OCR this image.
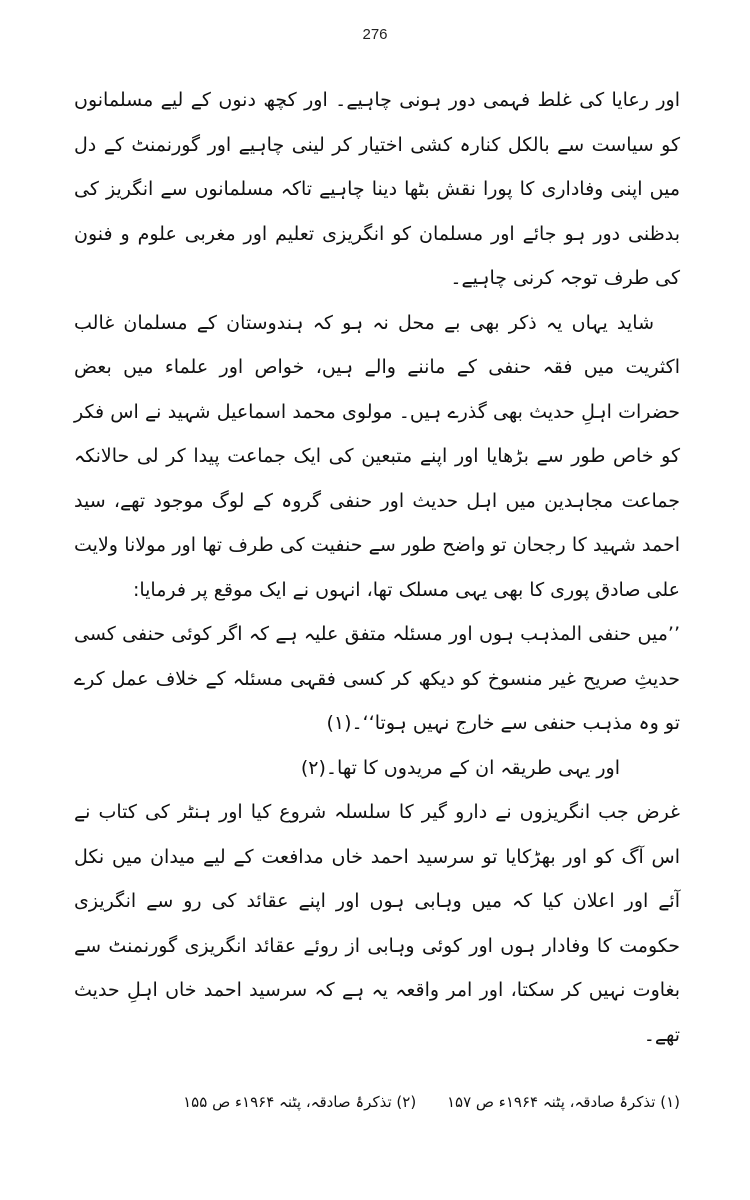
276

اور رعایا کی غلط فہمی دور ہونی چاہیے۔ اور کچھ دنوں کے لیے مسلمانوں کو سیاست سے بالکل کنارہ کشی اختیار کر لینی چاہیے اور گورنمنٹ کے دل میں اپنی وفاداری کا پورا نقش بٹھا دینا چاہیے تاکہ مسلمانوں سے انگریز کی بدظنی دور ہو جائے اور مسلمان کو انگریزی تعلیم اور مغربی علوم و فنون کی طرف توجہ کرنی چاہیے۔

شاید یہاں یہ ذکر بھی بے محل نہ ہو کہ ہندوستان کے مسلمان غالب اکثریت میں فقہ حنفی کے ماننے والے ہیں، خواص اور علماء میں بعض حضرات اہلِ حدیث بھی گذرے ہیں۔ مولوی محمد اسماعیل شہید نے اس فکر کو خاص طور سے بڑھایا اور اپنے متبعین کی ایک جماعت پیدا کر لی حالانکہ جماعت مجاہدین میں اہل حدیث اور حنفی گروہ کے لوگ موجود تھے، سید احمد شہید کا رجحان تو واضح طور سے حنفیت کی طرف تھا اور مولانا ولایت علی صادق پوری کا بھی یہی مسلک تھا، انہوں نے ایک موقع پر فرمایا:

’’میں حنفی المذہب ہوں اور مسئلہ متفق علیہ ہے کہ اگر کوئی حنفی کسی حدیثِ صریح غیر منسوخ کو دیکھ کر کسی فقہی مسئلہ کے خلاف عمل کرے تو وہ مذہب حنفی سے خارج نہیں ہوتا‘‘۔(۱)

اور یہی طریقہ ان کے مریدوں کا تھا۔(۲)

غرض جب انگریزوں نے دارو گیر کا سلسلہ شروع کیا اور ہنٹر کی کتاب نے اس آگ کو اور بھڑکایا تو سرسید احمد خاں مدافعت کے لیے میدان میں نکل آئے اور اعلان کیا کہ میں وہابی ہوں اور اپنے عقائد کی رو سے انگریزی حکومت کا وفادار ہوں اور کوئی وہابی از روئے عقائد انگریزی گورنمنٹ سے بغاوت نہیں کر سکتا، اور امر واقعہ یہ ہے کہ سرسید احمد خاں اہلِ حدیث تھے۔

(۱) تذکرۂ صادقہ، پٹنہ ۱۹۶۴ء ص ۱۵۷ (۲) تذکرۂ صادقہ، پٹنہ ۱۹۶۴ء ص ۱۵۵
